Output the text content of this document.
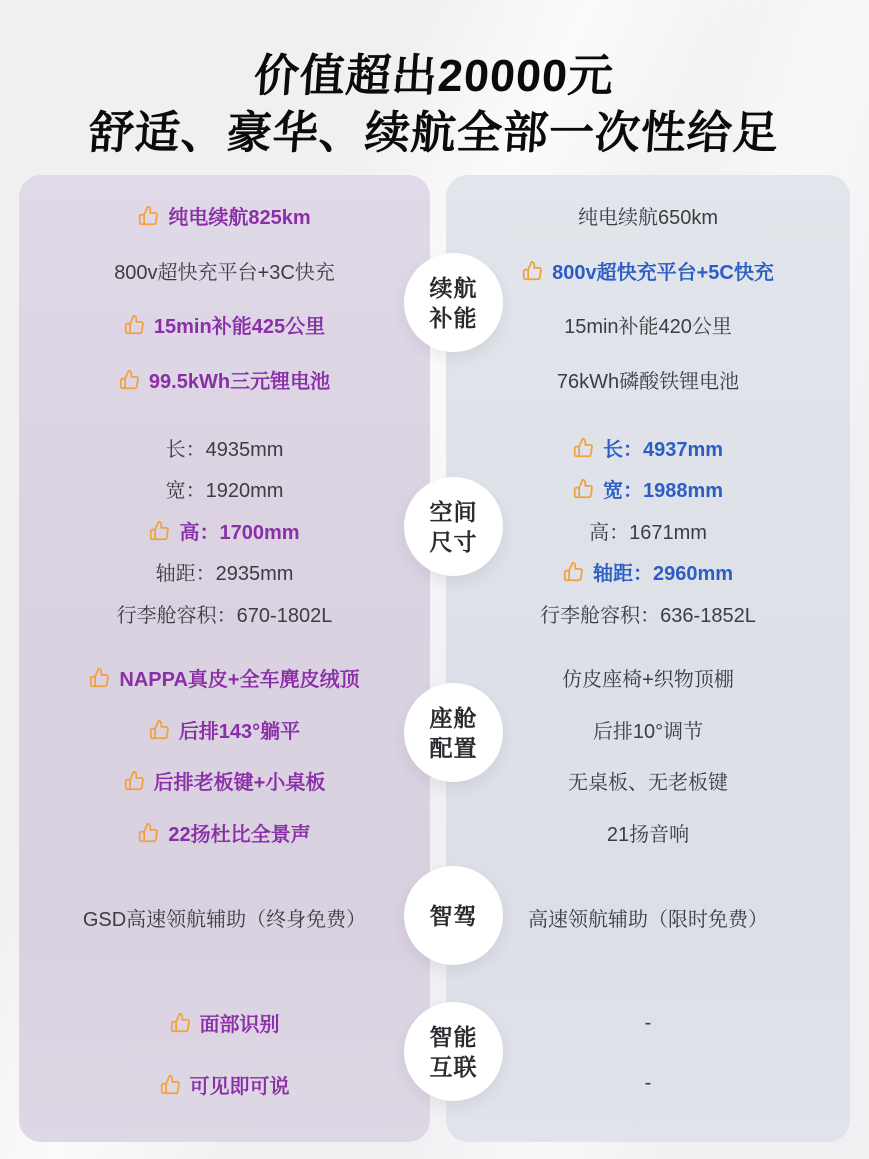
价值超出20000元
舒适、豪华、续航全部一次性给足
纯电续航825km
800v超快充平台+3C快充
15min补能425公里
99.5kWh三元锂电池
长：4935mm
宽：1920mm
高：1700mm
轴距：2935mm
行李舱容积：670-1802L
NAPPA真皮+全车麂皮绒顶
后排143°躺平
后排老板键+小桌板
22扬杜比全景声
GSD高速领航辅助（终身免费）
面部识别
可见即可说
纯电续航650km
800v超快充平台+5C快充
15min补能420公里
76kWh磷酸铁锂电池
长：4937mm
宽：1988mm
高：1671mm
轴距：2960mm
行李舱容积：636-1852L
仿皮座椅+织物顶棚
后排10°调节
无桌板、无老板键
21扬音响
高速领航辅助（限时免费）
-
-
续航
补能
空间
尺寸
座舱
配置
智驾
智能
互联
